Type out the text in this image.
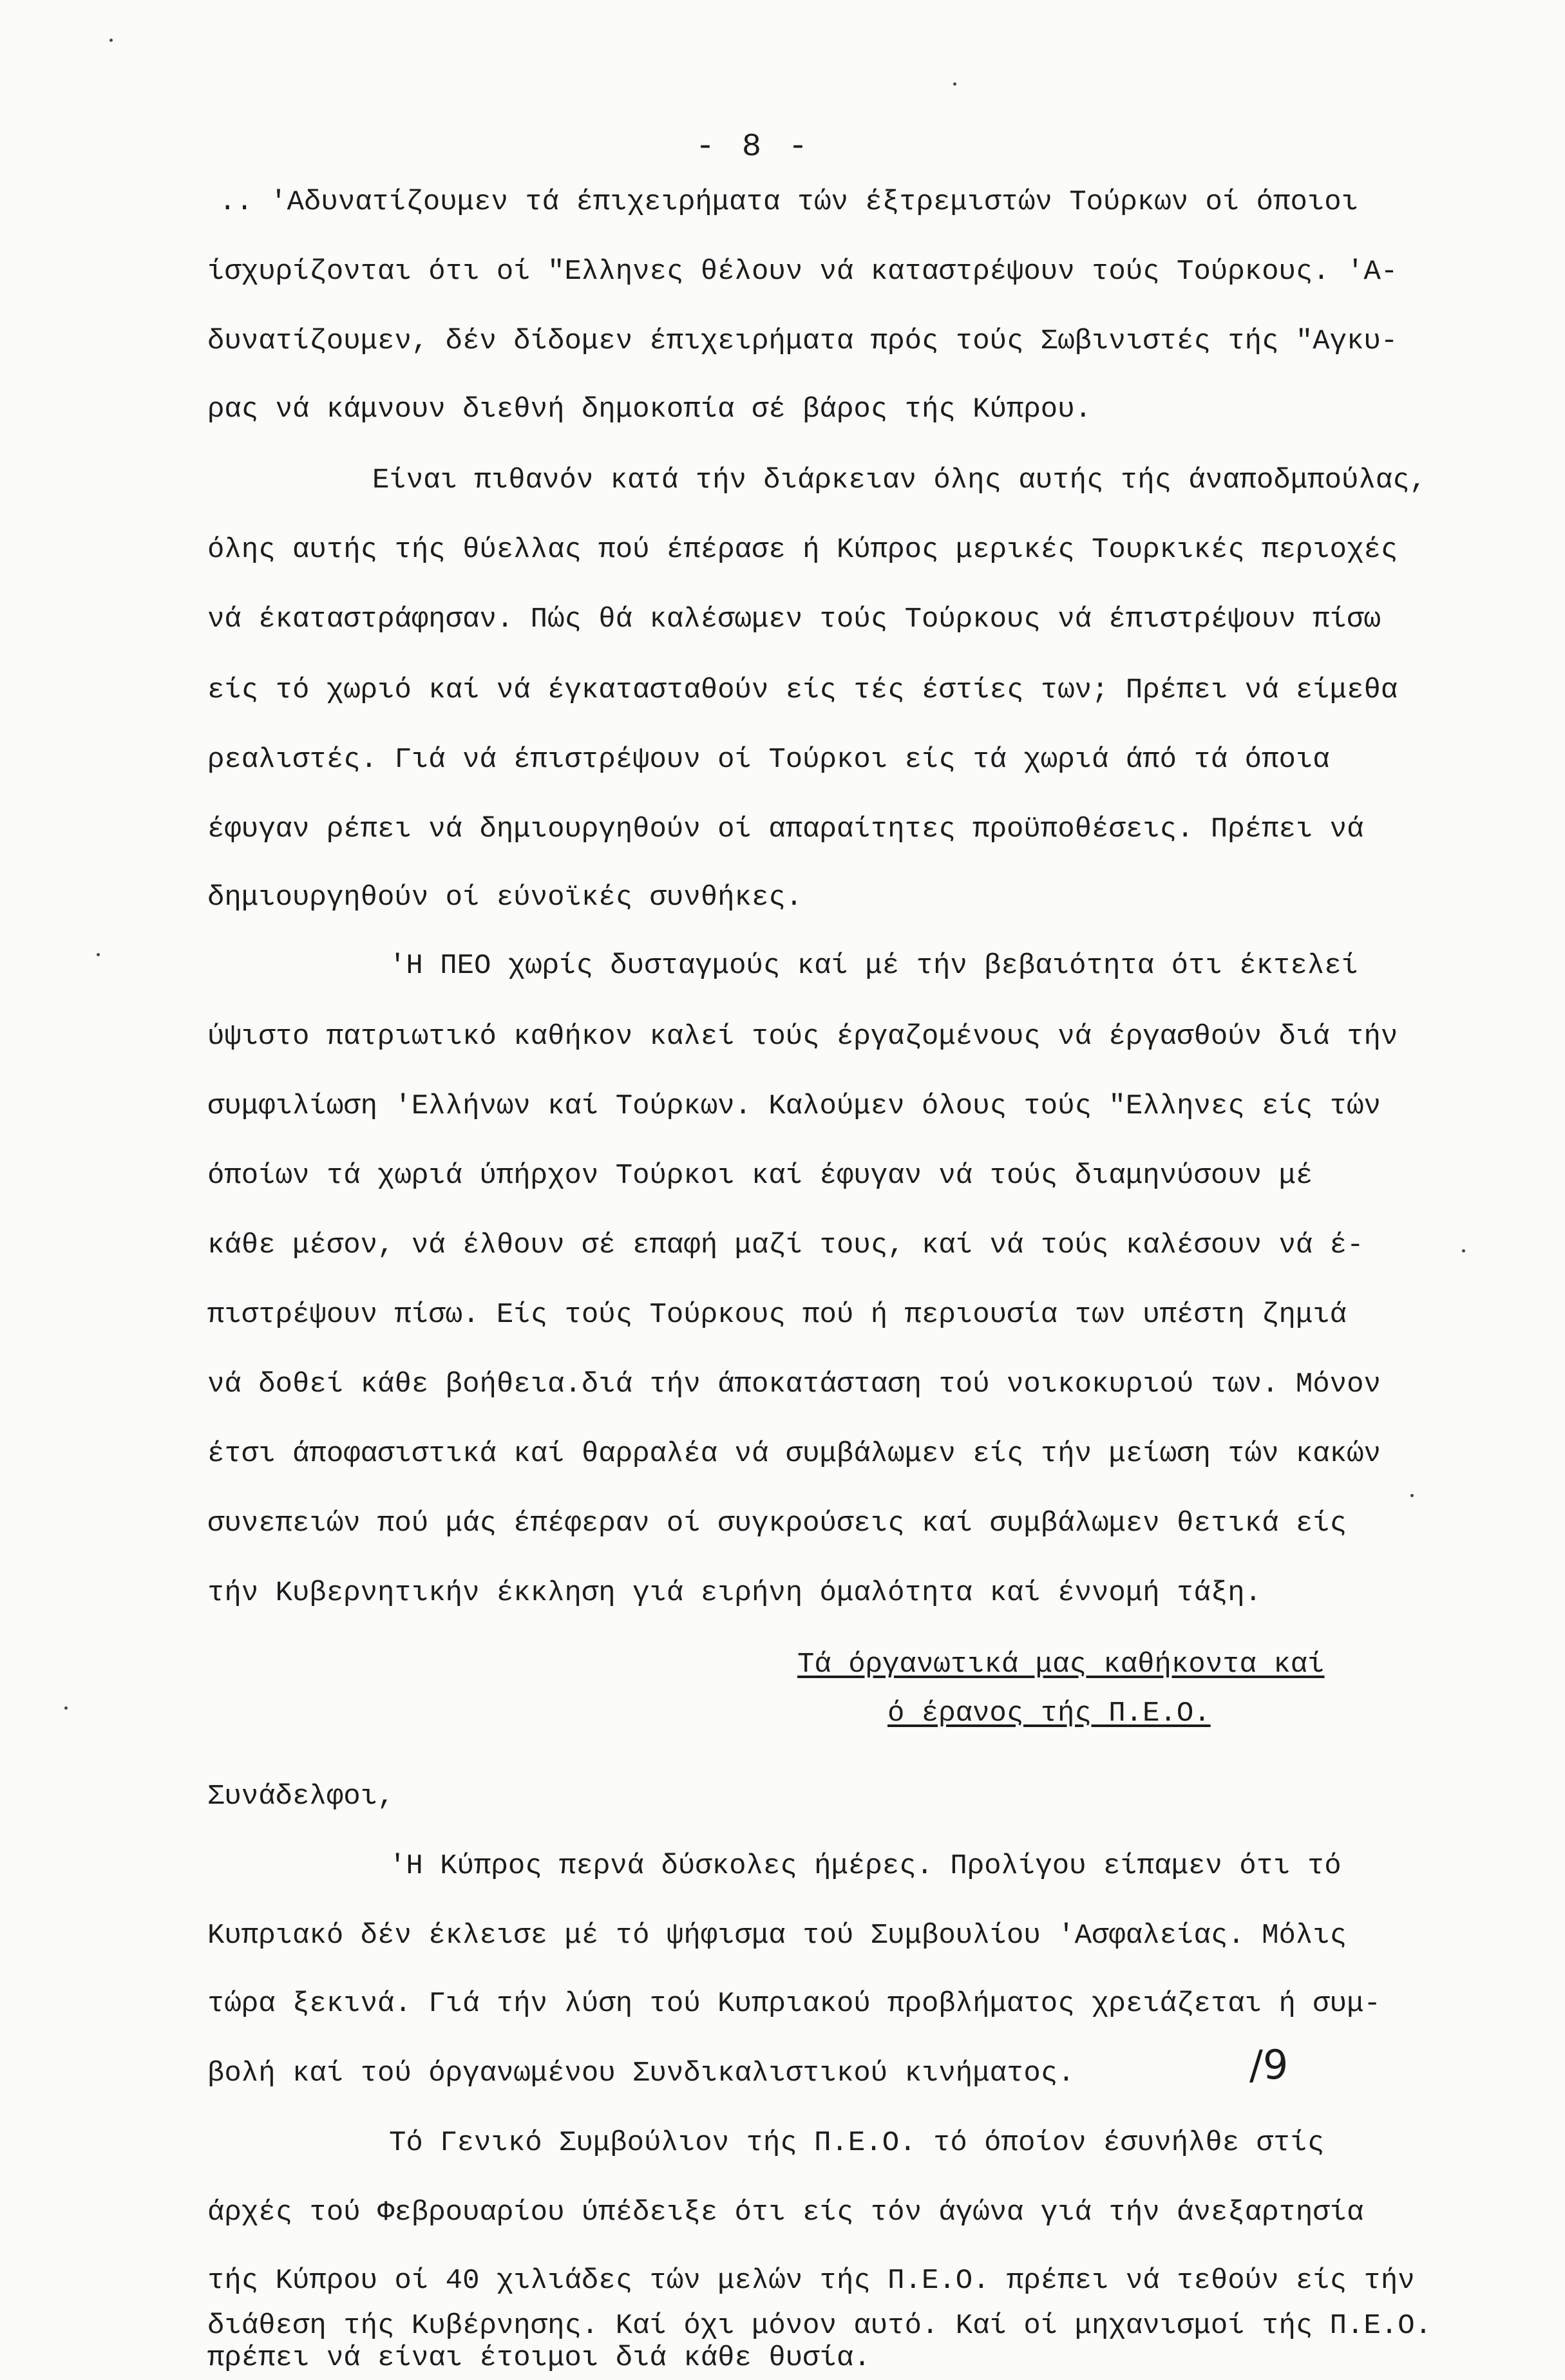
- 8 -
.. 'Αδυνατίζουμεν τά έπιχειρήματα τών έξτρεμιστών Τούρκων οί όποιοι
ίσχυρίζονται ότι οί "Ελληνες θέλουν νά καταστρέψουν τούς Τούρκους. 'Α-
δυνατίζουμεν, δέν δίδομεν έπιχειρήματα πρός τούς Σωβινιστές τής "Αγκυ-
ρας νά κάμνουν διεθνή δημοκοπία σέ βάρος τής Κύπρου.
Είναι πιθανόν κατά τήν διάρκειαν όλης αυτής τής άναποδμπούλας,
όλης αυτής τής θύελλας πού έπέρασε ή Κύπρος μερικές Τουρκικές περιοχές
νά έκαταστράφησαν. Πώς θά καλέσωμεν τούς Τούρκους νά έπιστρέψουν πίσω
είς τό χωριό καί νά έγκατασταθούν είς τές έστίες των; Πρέπει νά είμεθα
ρεαλιστές. Γιά νά έπιστρέψουν οί Τούρκοι είς τά χωριά άπό τά όποια
έφυγαν ρέπει νά δημιουργηθούν οί απαραίτητες προϋποθέσεις. Πρέπει νά
δημιουργηθούν οί εύνοϊκές συνθήκες.
'Η ΠΕΟ χωρίς δυσταγμούς καί μέ τήν βεβαιότητα ότι έκτελεί
ύψιστο πατριωτικό καθήκον καλεί τούς έργαζομένους νά έργασθούν διά τήν
συμφιλίωση 'Ελλήνων καί Τούρκων. Καλούμεν όλους τούς "Ελληνες είς τών
όποίων τά χωριά ύπήρχον Τούρκοι καί έφυγαν νά τούς διαμηνύσουν μέ
κάθε μέσον, νά έλθουν σέ επαφή μαζί τους, καί νά τούς καλέσουν νά έ-
πιστρέψουν πίσω. Είς τούς Τούρκους πού ή περιουσία των υπέστη ζημιά
νά δοθεί κάθε βοήθεια.διά τήν άποκατάσταση τού νοικοκυριού των. Μόνον
έτσι άποφασιστικά καί θαρραλέα νά συμβάλωμεν είς τήν μείωση τών κακών
συνεπειών πού μάς έπέφεραν οί συγκρούσεις καί συμβάλωμεν θετικά είς
τήν Κυβερνητικήν έκκληση γιά ειρήνη όμαλότητα καί έννομή τάξη.
Τά όργανωτικά μας καθήκοντα καί
ό έρανος τής Π.Ε.Ο.
Συνάδελφοι,
'Η Κύπρος περνά δύσκολες ήμέρες. Προλίγου είπαμεν ότι τό
Κυπριακό δέν έκλεισε μέ τό ψήφισμα τού Συμβουλίου 'Ασφαλείας. Μόλις
τώρα ξεκινά. Γιά τήν λύση τού Κυπριακού προβλήματος χρειάζεται ή συμ-
βολή καί τού όργανωμένου Συνδικαλιστικού κινήματος.
Τό Γενικό Συμβούλιον τής Π.Ε.Ο. τό όποίον έσυνήλθε στίς
άρχές τού Φεβρουαρίου ύπέδειξε ότι είς τόν άγώνα γιά τήν άνεξαρτησία
τής Κύπρου οί 40 χιλιάδες τών μελών τής Π.Ε.Ο. πρέπει νά τεθούν είς τήν
διάθεση τής Κυβέρνησης. Καί όχι μόνον αυτό. Καί οί μηχανισμοί τής Π.Ε.Ο.
πρέπει νά είναι έτοιμοι διά κάθε θυσία.
/9
